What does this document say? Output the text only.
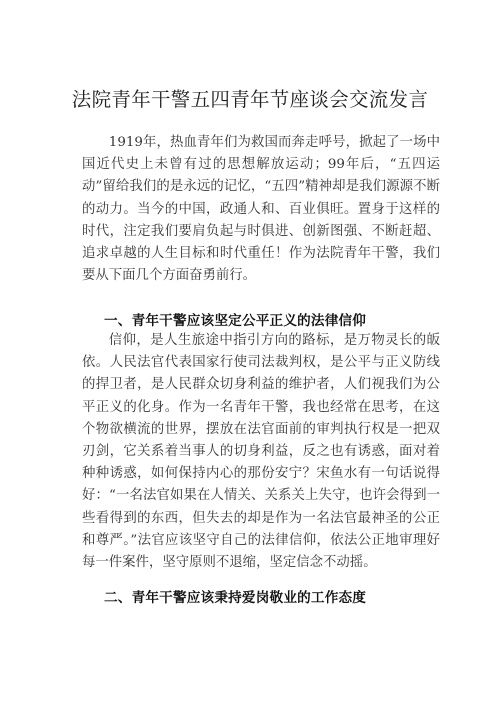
法院青年干警五四青年节座谈会交流发言
1919年，热血青年们为救国而奔走呼号，掀起了一场中国近代史上未曾有过的思想解放运动；99年后，“五四运动”留给我们的是永远的记忆，“五四”精神却是我们源源不断的动力。当今的中国，政通人和、百业俱旺。置身于这样的时代，注定我们要肩负起与时俱进、创新图强、不断赶超、追求卓越的人生目标和时代重任！作为法院青年干警，我们要从下面几个方面奋勇前行。
一、青年干警应该坚定公平正义的法律信仰
信仰，是人生旅途中指引方向的路标，是万物灵长的皈依。人民法官代表国家行使司法裁判权，是公平与正义防线的捍卫者，是人民群众切身利益的维护者，人们视我们为公平正义的化身。作为一名青年干警，我也经常在思考，在这个物欲横流的世界，摆放在法官面前的审判执行权是一把双刃剑，它关系着当事人的切身利益，反之也有诱惑，面对着种种诱惑，如何保持内心的那份安宁？宋鱼水有一句话说得好：“一名法官如果在人情关、关系关上失守，也许会得到一些看得到的东西，但失去的却是作为一名法官最神圣的公正和尊严。”法官应该坚守自己的法律信仰，依法公正地审理好每一件案件，坚守原则不退缩，坚定信念不动摇。
二、青年干警应该秉持爱岗敬业的工作态度
